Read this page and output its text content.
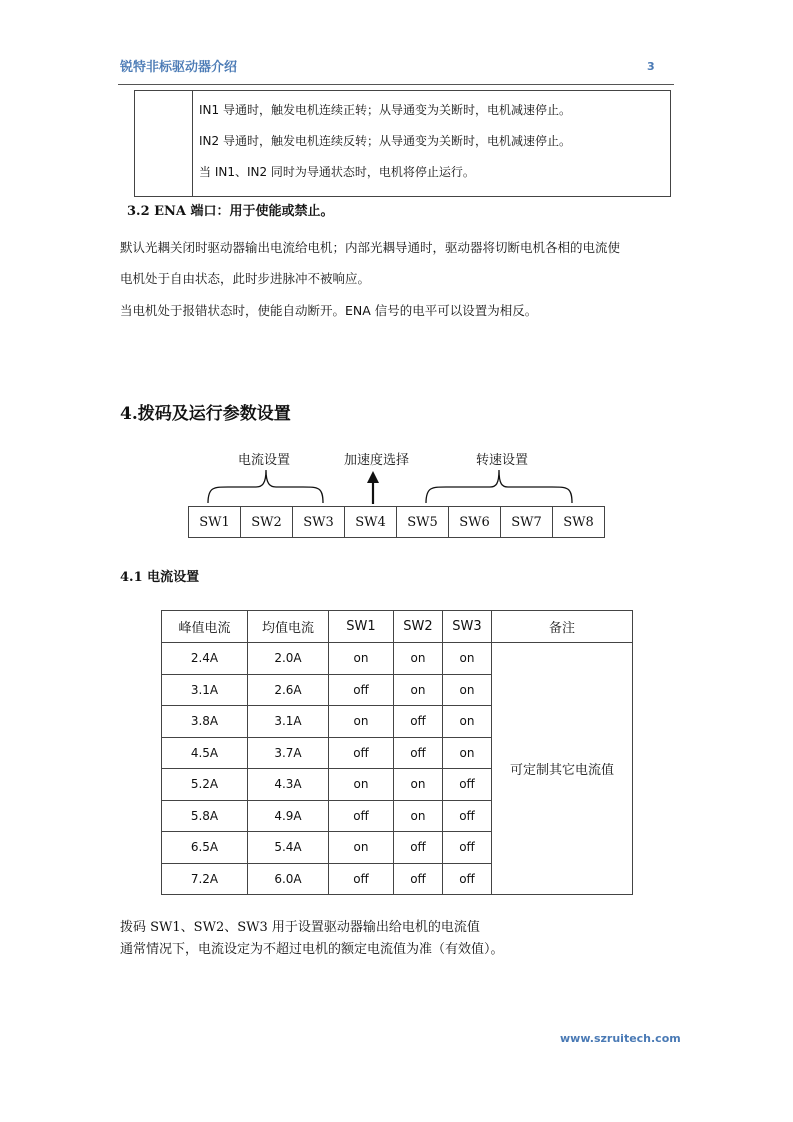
锐特非标驱动器介绍	3

IN1 导通时，触发电机连续正转；从导通变为关断时，电机减速停止。
IN2 导通时，触发电机连续反转；从导通变为关断时，电机减速停止。
当 IN1、IN2 同时为导通状态时，电机将停止运行。
3.2 ENA 端口：用于使能或禁止。
默认光耦关闭时驱动器输出电流给电机；内部光耦导通时，驱动器将切断电机各相的电流使
电机处于自由状态，此时步进脉冲不被响应。
当电机处于报错状态时，使能自动断开。ENA 信号的电平可以设置为相反。
4.拨码及运行参数设置
电流设置	加速度选择	转速设置
SW1	SW2	SW3	SW4	SW5	SW6	SW7	SW8
4.1 电流设置
峰值电流	均值电流	SW1	SW2	SW3	备注
2.4A	2.0A	on	on	on	可定制其它电流值
3.1A	2.6A	off	on	on	
3.8A	3.1A	on	off	on	
4.5A	3.7A	off	off	on	
5.2A	4.3A	on	on	off	
5.8A	4.9A	off	on	off	
6.5A	5.4A	on	off	off	
7.2A	6.0A	off	off	off	
拨码 SW1、SW2、SW3 用于设置驱动器输出给电机的电流值
通常情况下，电流设定为不超过电机的额定电流值为准（有效值）。
www.szruitech.com
